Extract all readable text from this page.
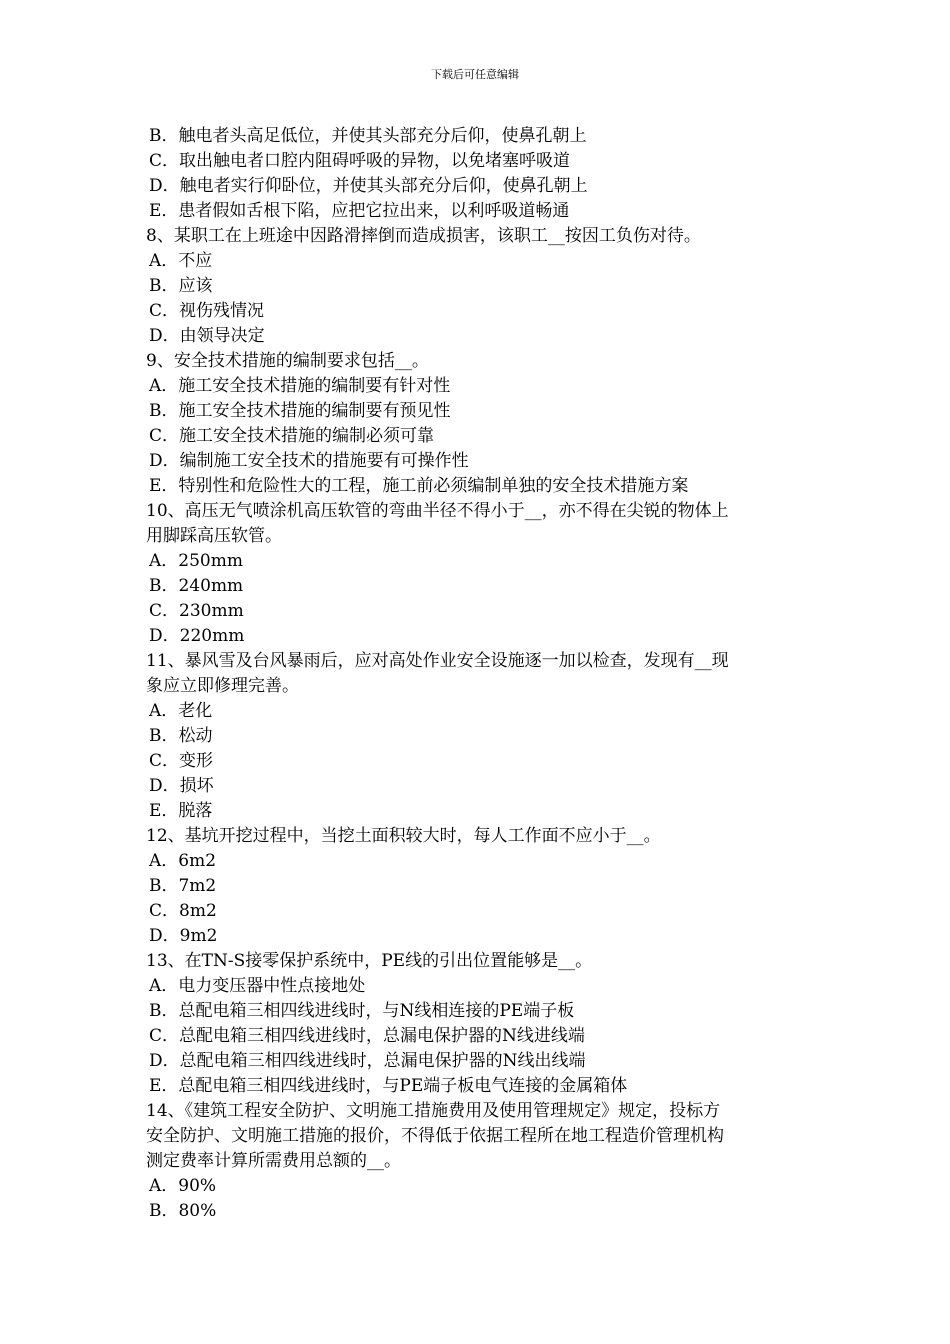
下载后可任意编辑
B．触电者头高足低位，并使其头部充分后仰，使鼻孔朝上
C．取出触电者口腔内阻碍呼吸的异物，以免堵塞呼吸道
D．触电者实行仰卧位，并使其头部充分后仰，使鼻孔朝上
E．患者假如舌根下陷，应把它拉出来，以利呼吸道畅通
8、某职工在上班途中因路滑摔倒而造成损害，该职工__按因工负伤对待。
A．不应
B．应该
C．视伤残情况
D．由领导决定
9、安全技术措施的编制要求包括__。
A．施工安全技术措施的编制要有针对性
B．施工安全技术措施的编制要有预见性
C．施工安全技术措施的编制必须可靠
D．编制施工安全技术的措施要有可操作性
E．特别性和危险性大的工程，施工前必须编制单独的安全技术措施方案
10、高压无气喷涂机高压软管的弯曲半径不得小于__，亦不得在尖锐的物体上
用脚踩高压软管。
A．250mm
B．240mm
C．230mm
D．220mm
11、暴风雪及台风暴雨后，应对高处作业安全设施逐一加以检查，发现有__现
象应立即修理完善。
A．老化
B．松动
C．变形
D．损坏
E．脱落
12、基坑开挖过程中，当挖土面积较大时，每人工作面不应小于__。
A．6m2
B．7m2
C．8m2
D．9m2
13、在TN-S接零保护系统中，PE线的引出位置能够是__。
A．电力变压器中性点接地处
B．总配电箱三相四线进线时，与N线相连接的PE端子板
C．总配电箱三相四线进线时，总漏电保护器的N线进线端
D．总配电箱三相四线进线时，总漏电保护器的N线出线端
E．总配电箱三相四线进线时，与PE端子板电气连接的金属箱体
14、《建筑工程安全防护、文明施工措施费用及使用管理规定》规定，投标方
安全防护、文明施工措施的报价，不得低于依据工程所在地工程造价管理机构
测定费率计算所需费用总额的__。
A．90%
B．80%
